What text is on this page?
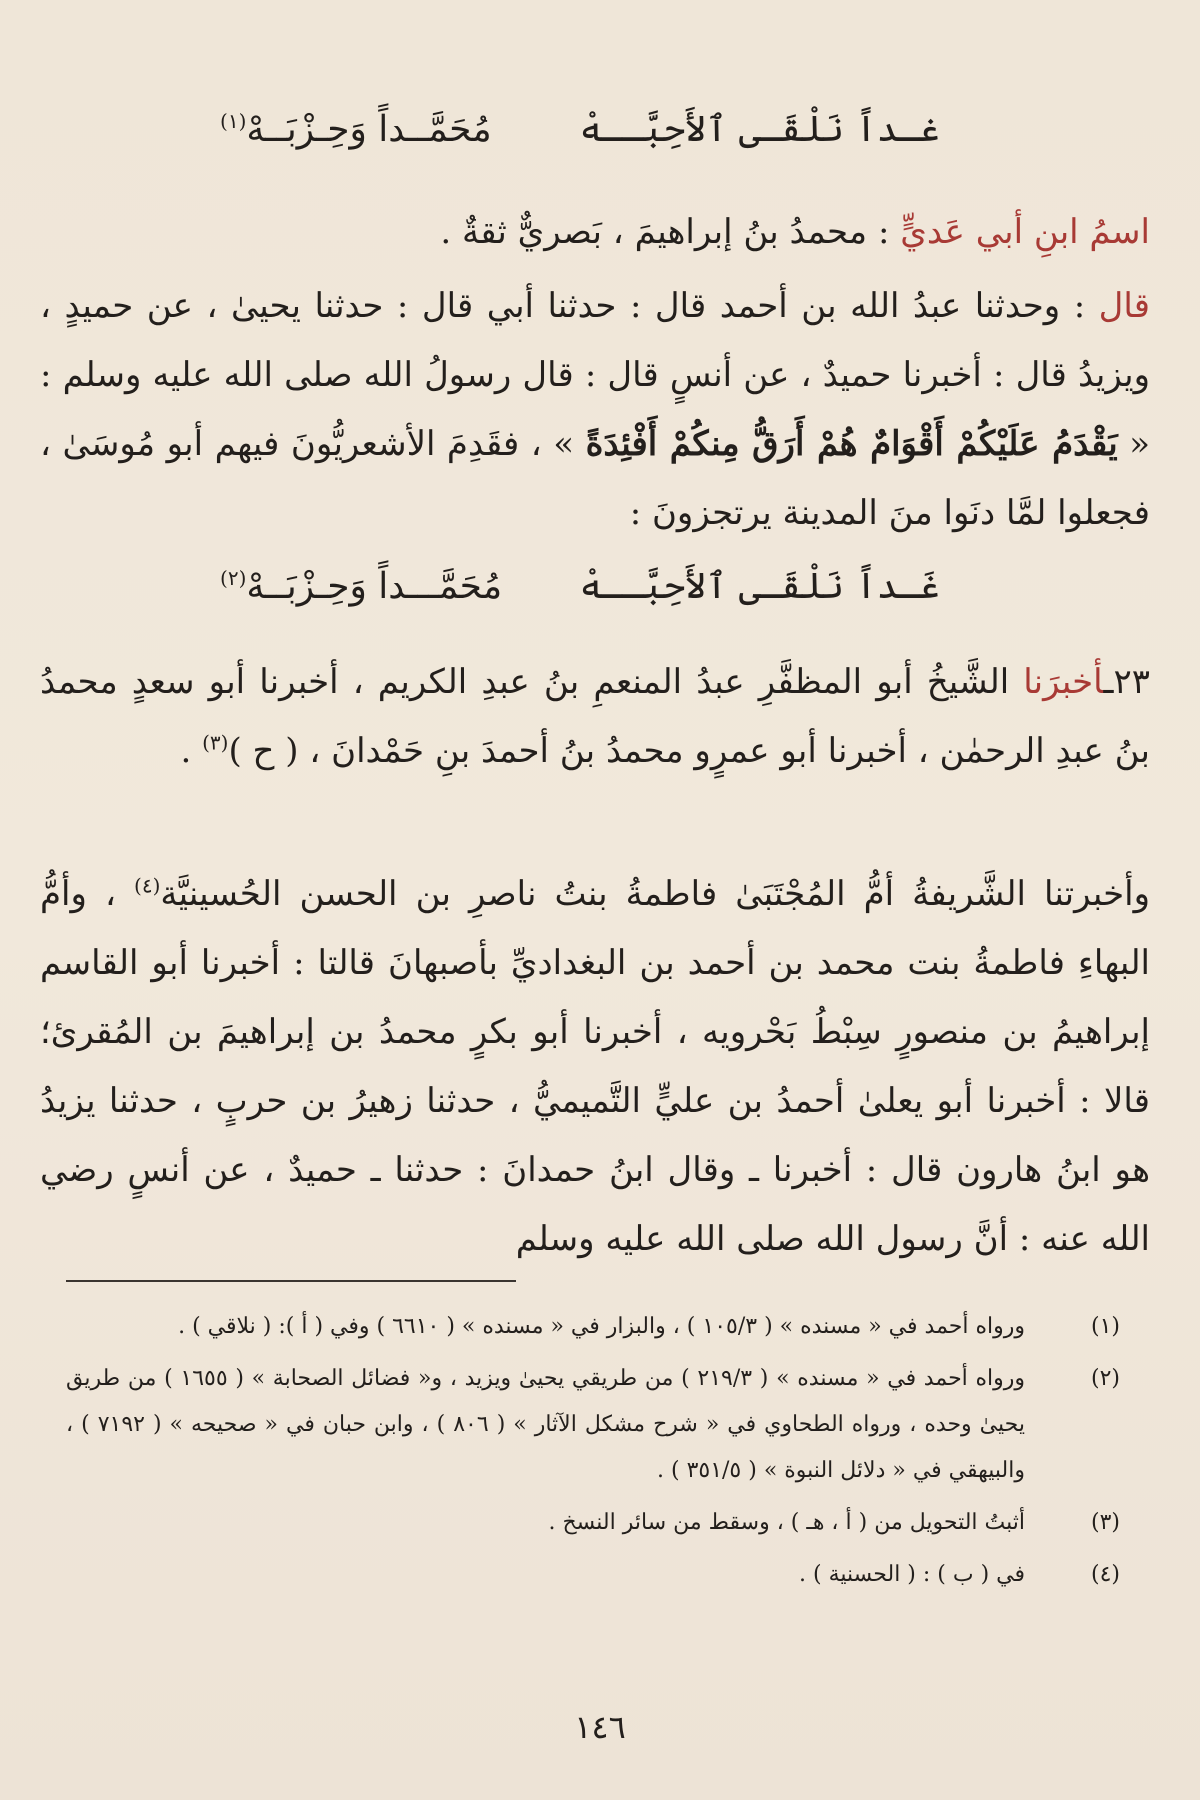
غـداً نَلْقَـى ٱلأَحِبَّــهْ
مُحَمَّــداً وَحِـزْبَــهْ$^{(١)}$
اسمُ ابنِ أبي عَديٍّ : محمدُ بنُ إبراهيمَ ، بَصريٌّ ثقةٌ .

قال : وحدثنا عبدُ الله بن أحمد قال : حدثنا أبي قال : حدثنا يحيىٰ ، عن حميدٍ ، ويزيدُ قال : أخبرنا حميدٌ ، عن أنسٍ قال : قال رسولُ الله صلى الله عليه وسلم : « يَقْدَمُ عَلَيْكُمْ أَقْوَامٌ هُمْ أَرَقُّ مِنكُمْ أَفْئِدَةً » ، فقَدِمَ الأشعريُّونَ فيهم أبو مُوسَىٰ ، فجعلوا لمَّا دنَوا منَ المدينة يرتجزونَ :

غَـداً نَلْقَـى ٱلأَحِبَّــهْ
مُحَمَّـــداً وَحِـزْبَــهْ$^{(٢)}$

٢٣ـأخبرَنا الشَّيخُ أبو المظفَّرِ عبدُ المنعمِ بنُ عبدِ الكريم ، أخبرنا أبو سعدٍ محمدُ بنُ عبدِ الرحمٰن ، أخبرنا أبو عمرٍو محمدُ بنُ أحمدَ بنِ حَمْدانَ ، ( ح )$^{(٣)}$ .

وأخبرتنا الشَّريفةُ أمُّ المُجْتَبَىٰ فاطمةُ بنتُ ناصرِ بن الحسن الحُسينيَّة$^{(٤)}$ ، وأمُّ البهاءِ فاطمةُ بنت محمد بن أحمد بن البغداديِّ بأصبهانَ قالتا : أخبرنا أبو القاسم إبراهيمُ بن منصورٍ سِبْطُ بَحْرويه ، أخبرنا أبو بكرٍ محمدُ بن إبراهيمَ بن المُقرئ؛ قالا : أخبرنا أبو يعلىٰ أحمدُ بن عليٍّ التَّميميُّ ، حدثنا زهيرُ بن حربٍ ، حدثنا يزيدُ هو ابنُ هارون قال : أخبرنا ـ وقال ابنُ حمدانَ : حدثنا ـ حميدٌ ، عن أنسٍ رضي الله عنه : أنَّ رسول الله صلى الله عليه وسلم

(١)
ورواه أحمد في « مسنده » ( ١٠٥/٣ ) ، والبزار في « مسنده » ( ٦٦١٠ ) وفي ( أ ): ( نلاقي ) .
(٢)
ورواه أحمد في « مسنده » ( ٢١٩/٣ ) من طريقي يحيىٰ ويزيد ، و« فضائل الصحابة » ( ١٦٥٥ ) من طريق يحيىٰ وحده ، ورواه الطحاوي في « شرح مشكل الآثار » ( ٨٠٦ ) ، وابن حبان في « صحيحه » ( ٧١٩٢ ) ، والبيهقي في « دلائل النبوة » ( ٣٥١/٥ ) .
(٣)
أثبتُ التحويل من ( أ ، هـ ) ، وسقط من سائر النسخ .
(٤)
في ( ب ) : ( الحسنية ) .
١٤٦
